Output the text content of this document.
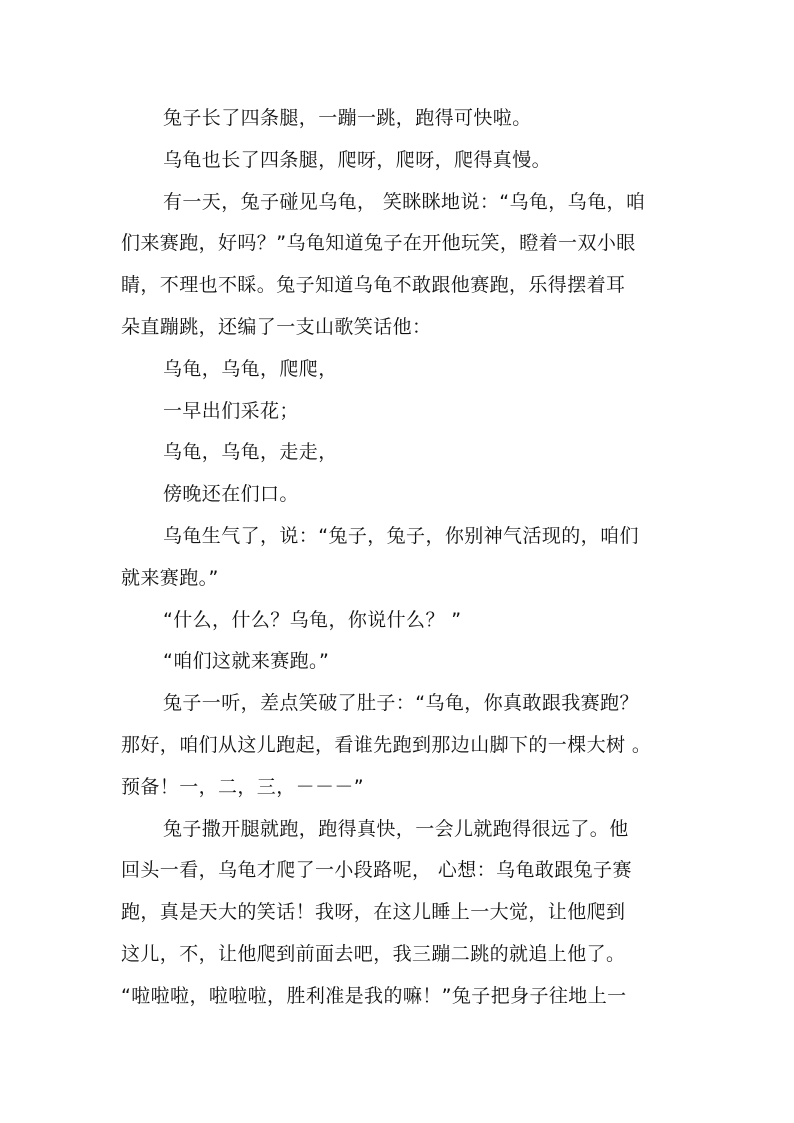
兔子长了四条腿，一蹦一跳，跑得可快啦。
乌龟也长了四条腿，爬呀，爬呀，爬得真慢。
有一天，兔子碰见乌龟， 笑眯眯地说：“乌龟，乌龟，咱
们来赛跑，好吗？”乌龟知道兔子在开他玩笑，瞪着一双小眼
睛，不理也不睬。兔子知道乌龟不敢跟他赛跑，乐得摆着耳
朵直蹦跳，还编了一支山歌笑话他：
乌龟，乌龟，爬爬，
一早出们采花；
乌龟，乌龟，走走，
傍晚还在们口。
乌龟生气了，说：“兔子，兔子，你别神气活现的，咱们
就来赛跑。”
“什么，什么？乌龟，你说什么？ ”
“咱们这就来赛跑。”
兔子一听，差点笑破了肚子：“乌龟，你真敢跟我赛跑？
那好，咱们从这儿跑起，看谁先跑到那边山脚下的一棵大树 。
预备！一，二，三，－－－”
兔子撒开腿就跑，跑得真快，一会儿就跑得很远了。他
回头一看，乌龟才爬了一小段路呢， 心想：乌龟敢跟兔子赛
跑，真是天大的笑话！我呀，在这儿睡上一大觉，让他爬到
这儿，不，让他爬到前面去吧，我三蹦二跳的就追上他了。
“啦啦啦，啦啦啦，胜利准是我的嘛！”兔子把身子往地上一
